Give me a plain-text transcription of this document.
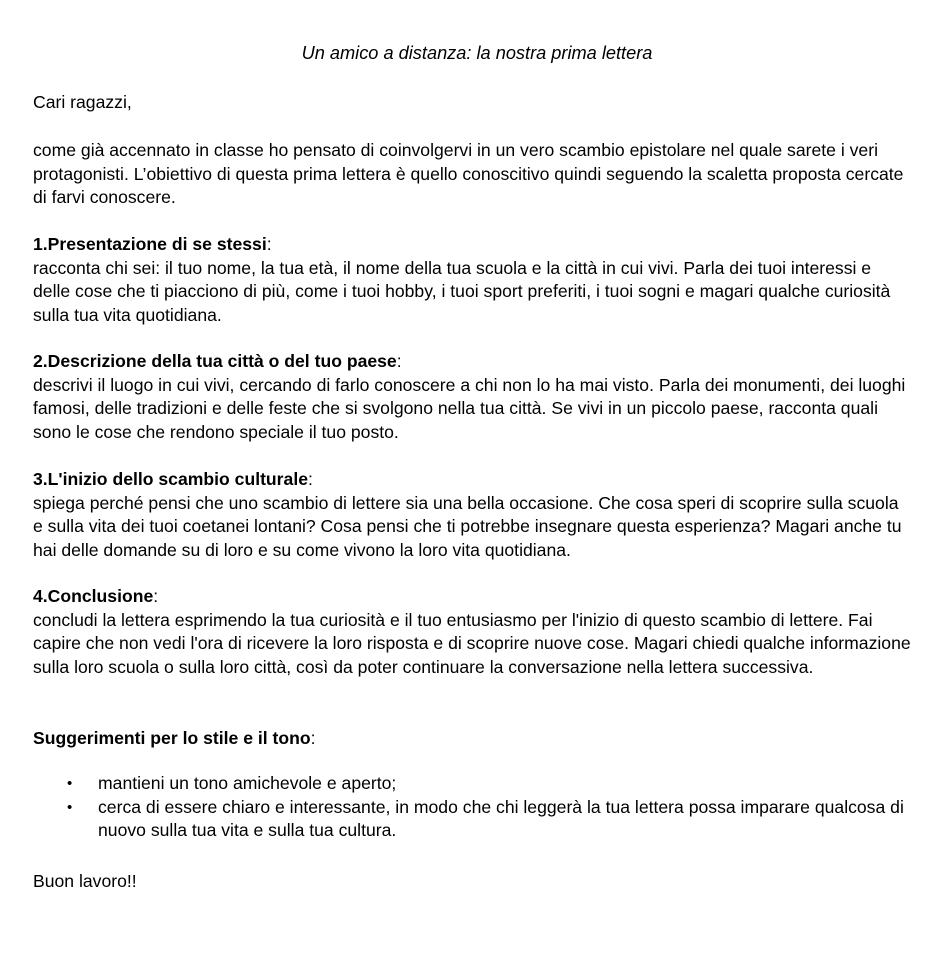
Un amico a distanza: la nostra prima lettera

Cari ragazzi,

come già accennato in classe ho pensato di coinvolgervi in un vero scambio epistolare nel quale sarete i veri protagonisti. L’obiettivo di questa prima lettera è quello conoscitivo quindi seguendo la scaletta proposta cercate di farvi conoscere.

1.Presentazione di se stessi:

racconta chi sei: il tuo nome, la tua età, il nome della tua scuola e la città in cui vivi. Parla dei tuoi interessi e delle cose che ti piacciono di più, come i tuoi hobby, i tuoi sport preferiti, i tuoi sogni e magari qualche curiosità sulla tua vita quotidiana.

2.Descrizione della tua città o del tuo paese:

descrivi il luogo in cui vivi, cercando di farlo conoscere a chi non lo ha mai visto. Parla dei monumenti, dei luoghi famosi, delle tradizioni e delle feste che si svolgono nella tua città. Se vivi in un piccolo paese, racconta quali sono le cose che rendono speciale il tuo posto.

3.L'inizio dello scambio culturale:

spiega perché pensi che uno scambio di lettere sia una bella occasione. Che cosa speri di scoprire sulla scuola e sulla vita dei tuoi coetanei lontani? Cosa pensi che ti potrebbe insegnare questa esperienza? Magari anche tu hai delle domande su di loro e su come vivono la loro vita quotidiana.

4.Conclusione:

concludi la lettera esprimendo la tua curiosità e il tuo entusiasmo per l'inizio di questo scambio di lettere. Fai capire che non vedi l'ora di ricevere la loro risposta e di scoprire nuove cose. Magari chiedi qualche informazione sulla loro scuola o sulla loro città, così da poter continuare la conversazione nella lettera successiva.

Suggerimenti per lo stile e il tono:
• mantieni un tono amichevole e aperto;
• cerca di essere chiaro e interessante, in modo che chi leggerà la tua lettera possa imparare qualcosa di nuovo sulla tua vita e sulla tua cultura.

Buon lavoro!!
